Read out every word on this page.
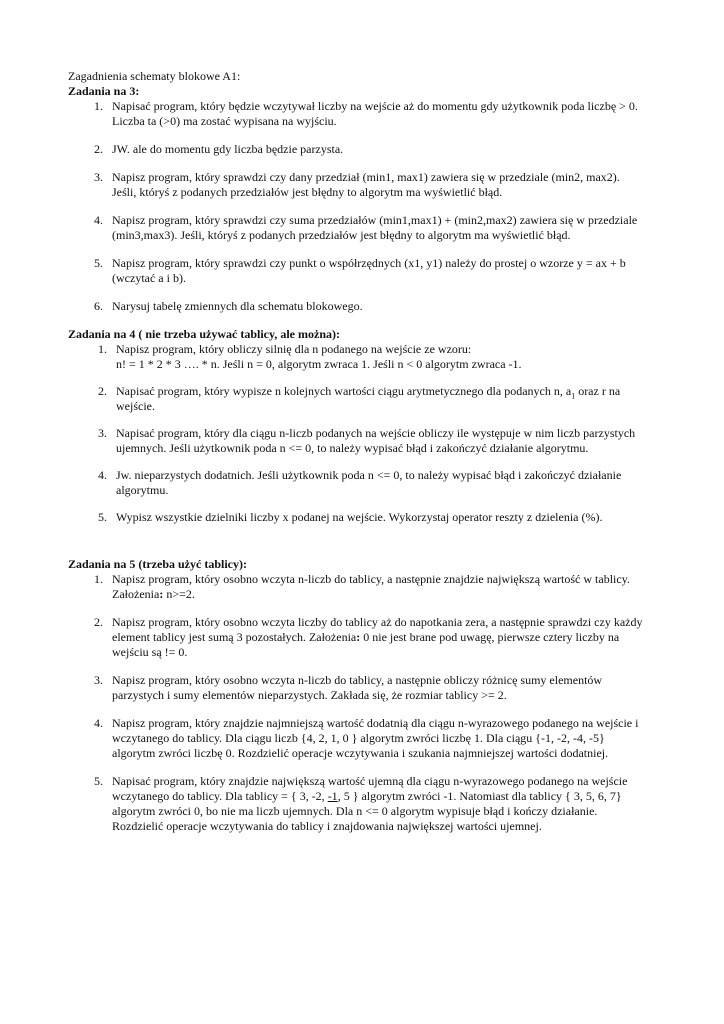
Zagadnienia schematy blokowe A1:

Zadania na 3:

1. Napisać program, który będzie wczytywał liczby na wejście aż do momentu gdy użytkownik poda liczbę > 0.
Liczba ta (>0) ma zostać wypisana na wyjściu.
2. JW. ale do momentu gdy liczba będzie parzysta.
3. Napisz program, który sprawdzi czy dany przedział (min1, max1) zawiera się w przedziale (min2, max2).
Jeśli, któryś z podanych przedziałów jest błędny to algorytm ma wyświetlić błąd.
4. Napisz program, który sprawdzi czy suma przedziałów (min1,max1) + (min2,max2) zawiera się w przedziale
(min3,max3). Jeśli, któryś z podanych przedziałów jest błędny to algorytm ma wyświetlić błąd.
5. Napisz program, który sprawdzi czy punkt o współrzędnych (x1, y1) należy do prostej o wzorze y = ax + b
(wczytać a i b).
6. Narysuj tabelę zmiennych dla schematu blokowego.

Zadania na 4 ( nie trzeba używać tablicy, ale można):

1. Napisz program, który obliczy silnię dla n podanego na wejście ze wzoru:
n! = 1 * 2 * 3 …. * n. Jeśli n = 0, algorytm zwraca 1. Jeśli n < 0 algorytm zwraca -1.
2. Napisać program, który wypisze n kolejnych wartości ciągu arytmetycznego dla podanych n, $a_1$ oraz r na
wejście.
3. Napisać program, który dla ciągu n-liczb podanych na wejście obliczy ile występuje w nim liczb parzystych
ujemnych. Jeśli użytkownik poda n <= 0, to należy wypisać błąd i zakończyć działanie algorytmu.
4. Jw. nieparzystych dodatnich. Jeśli użytkownik poda n <= 0, to należy wypisać błąd i zakończyć działanie
algorytmu.
5. Wypisz wszystkie dzielniki liczby x podanej na wejście. Wykorzystaj operator reszty z dzielenia (%).

Zadania na 5 (trzeba użyć tablicy):

1. Napisz program, który osobno wczyta n-liczb do tablicy, a następnie znajdzie największą wartość w tablicy.
Założenia: n>=2.
2. Napisz program, który osobno wczyta liczby do tablicy aż do napotkania zera, a następnie sprawdzi czy każdy
element tablicy jest sumą 3 pozostałych. Założenia: 0 nie jest brane pod uwagę, pierwsze cztery liczby na
wejściu są != 0.
3. Napisz program, który osobno wczyta n-liczb do tablicy, a następnie obliczy różnicę sumy elementów
parzystych i sumy elementów nieparzystych. Zakłada się, że rozmiar tablicy >= 2.
4. Napisz program, który znajdzie najmniejszą wartość dodatnią dla ciągu n-wyrazowego podanego na wejście i
wczytanego do tablicy. Dla ciągu liczb {4, 2, 1, 0 } algorytm zwróci liczbę 1. Dla ciągu {-1, -2, -4, -5}
algorytm zwróci liczbę 0. Rozdzielić operacje wczytywania i szukania najmniejszej wartości dodatniej.
5. Napisać program, który znajdzie największą wartość ujemną dla ciągu n-wyrazowego podanego na wejście
wczytanego do tablicy. Dla tablicy = { 3, -2, -1, 5 } algorytm zwróci -1. Natomiast dla tablicy { 3, 5, 6, 7}
algorytm zwróci 0, bo nie ma liczb ujemnych. Dla n <= 0 algorytm wypisuje błąd i kończy działanie.
Rozdzielić operacje wczytywania do tablicy i znajdowania największej wartości ujemnej.
